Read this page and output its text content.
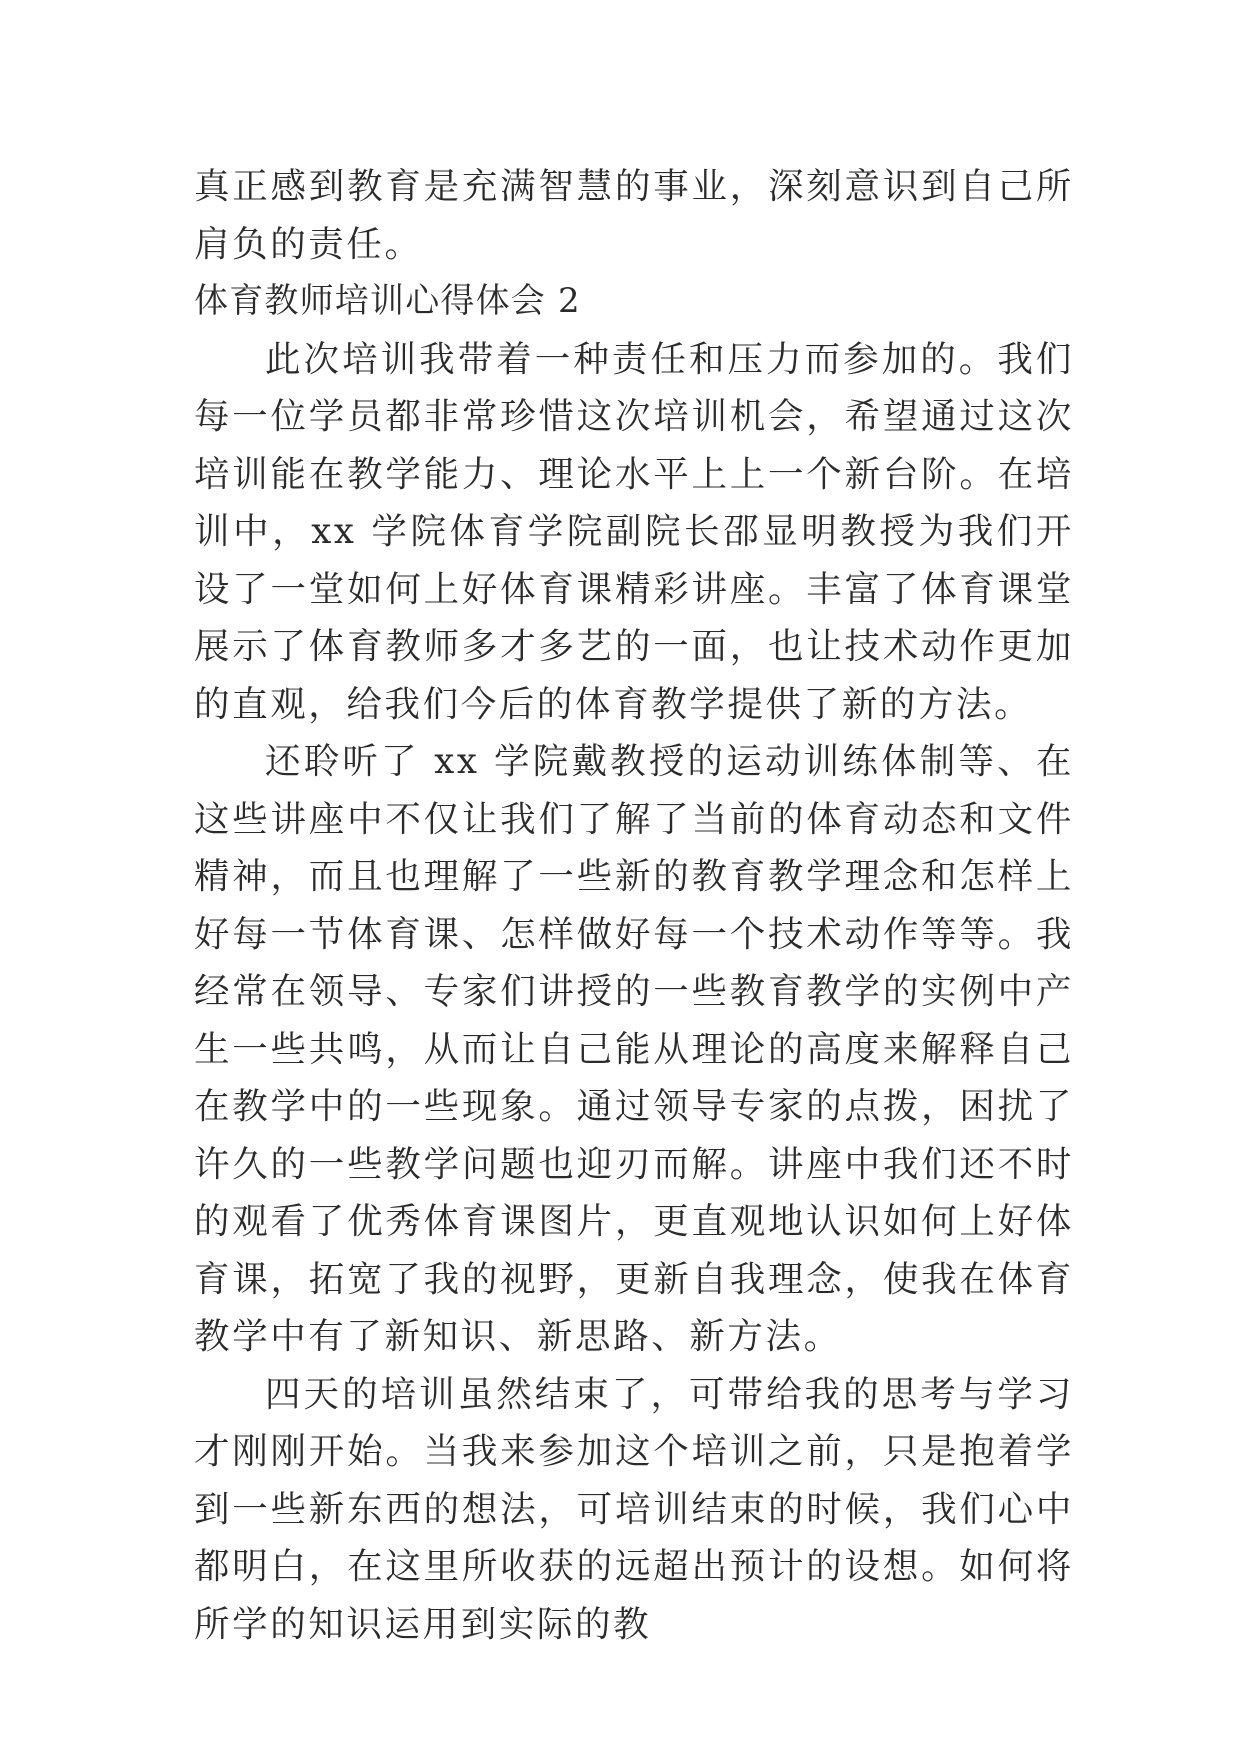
真正感到教育是充满智慧的事业，深刻意识到自己所肩负的责任。

体育教师培训心得体会 2

此次培训我带着一种责任和压力而参加的。我们每一位学员都非常珍惜这次培训机会，希望通过这次培训能在教学能力、理论水平上上一个新台阶。在培训中，xx 学院体育学院副院长邵显明教授为我们开设了一堂如何上好体育课精彩讲座。丰富了体育课堂展示了体育教师多才多艺的一面，也让技术动作更加的直观，给我们今后的体育教学提供了新的方法。

还聆听了 xx 学院戴教授的运动训练体制等、在这些讲座中不仅让我们了解了当前的体育动态和文件精神，而且也理解了一些新的教育教学理念和怎样上好每一节体育课、怎样做好每一个技术动作等等。我经常在领导、专家们讲授的一些教育教学的实例中产生一些共鸣，从而让自己能从理论的高度来解释自己在教学中的一些现象。通过领导专家的点拨，困扰了许久的一些教学问题也迎刃而解。讲座中我们还不时的观看了优秀体育课图片，更直观地认识如何上好体育课，拓宽了我的视野，更新自我理念，使我在体育教学中有了新知识、新思路、新方法。

四天的培训虽然结束了，可带给我的思考与学习才刚刚开始。当我来参加这个培训之前，只是抱着学到一些新东西的想法，可培训结束的时候，我们心中都明白，在这里所收获的远超出预计的设想。如何将所学的知识运用到实际的教
